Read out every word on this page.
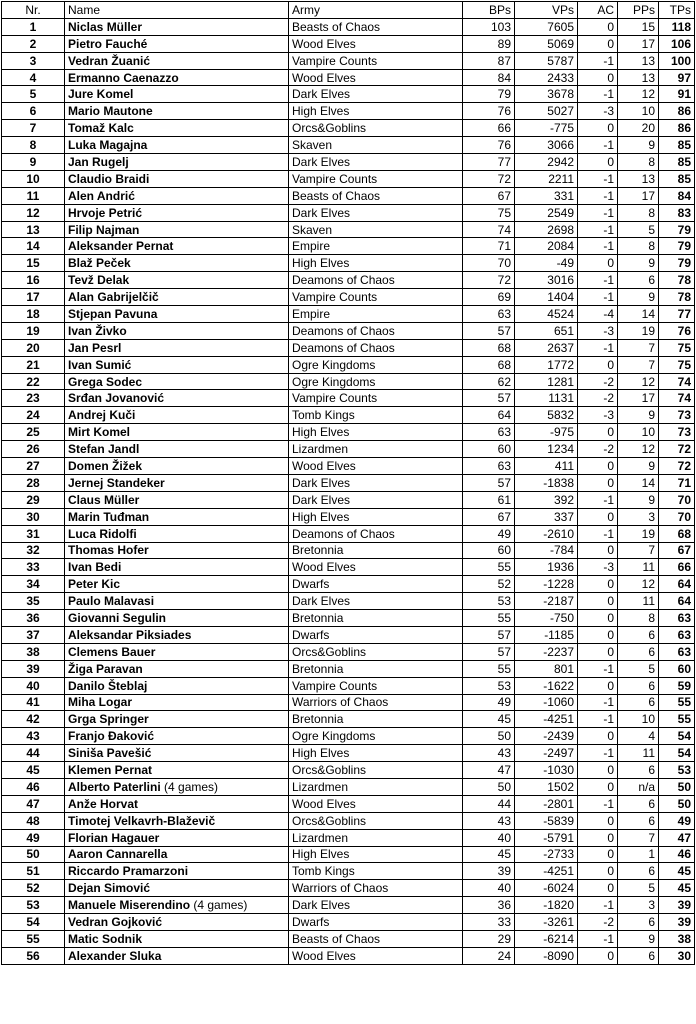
Nr.	Name	Army	BPs	VPs	AC	PPs	TPs
1	Niclas Müller	Beasts of Chaos	103	7605	0	15	118
2	Pietro Fauché	Wood Elves	89	5069	0	17	106
3	Vedran Žuanić	Vampire Counts	87	5787	-1	13	100
4	Ermanno Caenazzo	Wood Elves	84	2433	0	13	97
5	Jure Komel	Dark Elves	79	3678	-1	12	91
6	Mario Mautone	High Elves	76	5027	-3	10	86
7	Tomaž Kalc	Orcs&Goblins	66	-775	0	20	86
8	Luka Magajna	Skaven	76	3066	-1	9	85
9	Jan Rugelj	Dark Elves	77	2942	0	8	85
10	Claudio Braidi	Vampire Counts	72	2211	-1	13	85
11	Alen Andrić	Beasts of Chaos	67	331	-1	17	84
12	Hrvoje Petrić	Dark Elves	75	2549	-1	8	83
13	Filip Najman	Skaven	74	2698	-1	5	79
14	Aleksander Pernat	Empire	71	2084	-1	8	79
15	Blaž Peček	High Elves	70	-49	0	9	79
16	Tevž Delak	Deamons of Chaos	72	3016	-1	6	78
17	Alan Gabrijelčič	Vampire Counts	69	1404	-1	9	78
18	Stjepan Pavuna	Empire	63	4524	-4	14	77
19	Ivan Živko	Deamons of Chaos	57	651	-3	19	76
20	Jan Pesrl	Deamons of Chaos	68	2637	-1	7	75
21	Ivan Sumić	Ogre Kingdoms	68	1772	0	7	75
22	Grega Sodec	Ogre Kingdoms	62	1281	-2	12	74
23	Srđan Jovanović	Vampire Counts	57	1131	-2	17	74
24	Andrej Kuči	Tomb Kings	64	5832	-3	9	73
25	Mirt Komel	High Elves	63	-975	0	10	73
26	Stefan Jandl	Lizardmen	60	1234	-2	12	72
27	Domen Žižek	Wood Elves	63	411	0	9	72
28	Jernej Standeker	Dark Elves	57	-1838	0	14	71
29	Claus Müller	Dark Elves	61	392	-1	9	70
30	Marin Tuđman	High Elves	67	337	0	3	70
31	Luca Ridolfi	Deamons of Chaos	49	-2610	-1	19	68
32	Thomas Hofer	Bretonnia	60	-784	0	7	67
33	Ivan Bedi	Wood Elves	55	1936	-3	11	66
34	Peter Kic	Dwarfs	52	-1228	0	12	64
35	Paulo Malavasi	Dark Elves	53	-2187	0	11	64
36	Giovanni Segulin	Bretonnia	55	-750	0	8	63
37	Aleksandar Piksiades	Dwarfs	57	-1185	0	6	63
38	Clemens Bauer	Orcs&Goblins	57	-2237	0	6	63
39	Žiga Paravan	Bretonnia	55	801	-1	5	60
40	Danilo Šteblaj	Vampire Counts	53	-1622	0	6	59
41	Miha Logar	Warriors of Chaos	49	-1060	-1	6	55
42	Grga Springer	Bretonnia	45	-4251	-1	10	55
43	Franjo Đaković	Ogre Kingdoms	50	-2439	0	4	54
44	Siniša Pavešić	High Elves	43	-2497	-1	11	54
45	Klemen Pernat	Orcs&Goblins	47	-1030	0	6	53
46	Alberto Paterlini (4 games)	Lizardmen	50	1502	0	n/a	50
47	Anže Horvat	Wood Elves	44	-2801	-1	6	50
48	Timotej Velkavrh-Blaževič	Orcs&Goblins	43	-5839	0	6	49
49	Florian Hagauer	Lizardmen	40	-5791	0	7	47
50	Aaron Cannarella	High Elves	45	-2733	0	1	46
51	Riccardo Pramarzoni	Tomb Kings	39	-4251	0	6	45
52	Dejan Simović	Warriors of Chaos	40	-6024	0	5	45
53	Manuele Miserendino (4 games)	Dark Elves	36	-1820	-1	3	39
54	Vedran Gojković	Dwarfs	33	-3261	-2	6	39
55	Matic Sodnik	Beasts of Chaos	29	-6214	-1	9	38
56	Alexander Sluka	Wood Elves	24	-8090	0	6	30
